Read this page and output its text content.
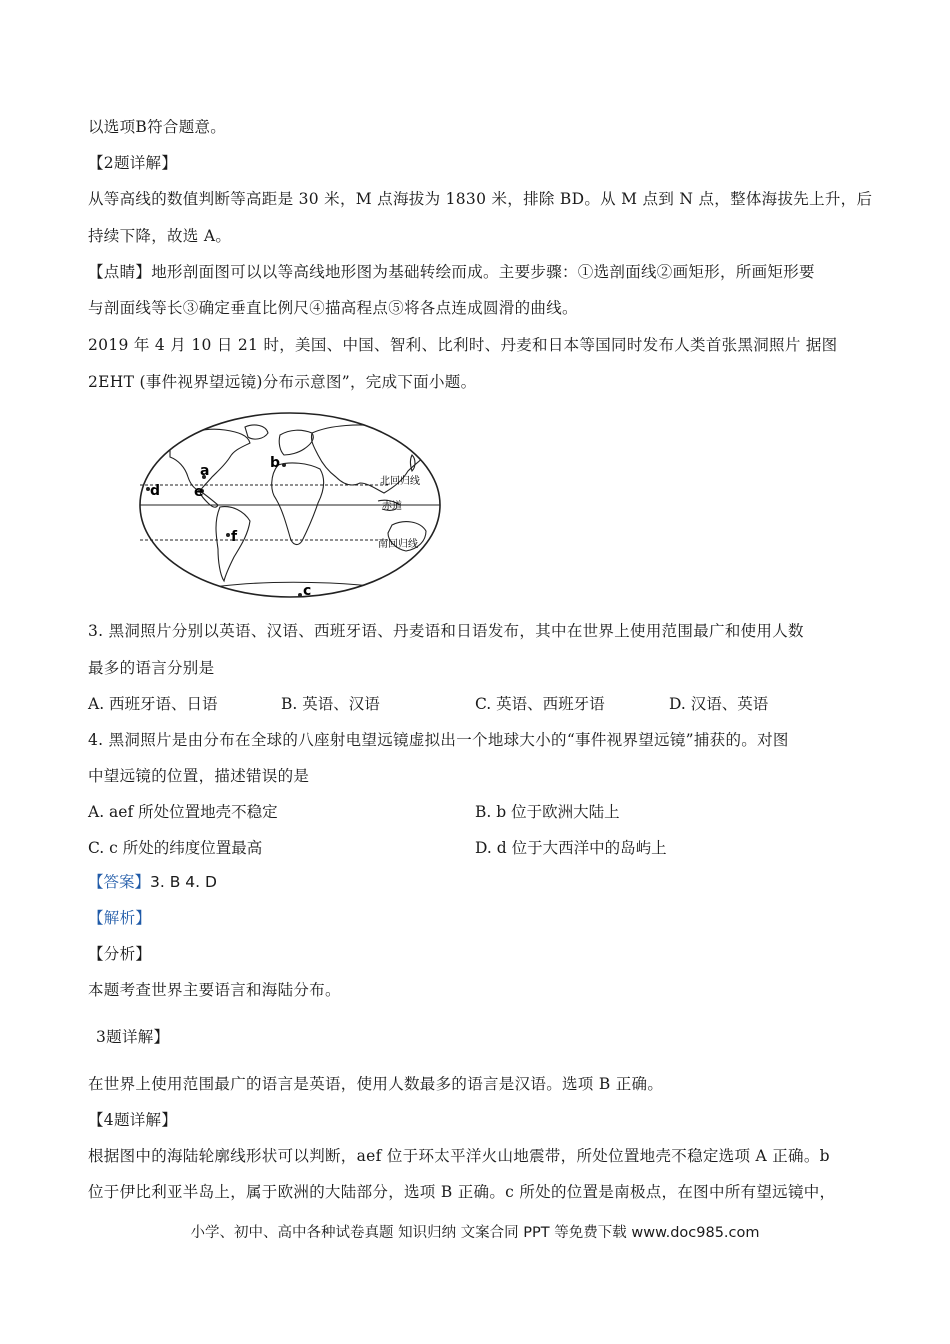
以选项B符合题意。
【2题详解】
从等高线的数值判断等高距是 30 米，M 点海拔为 1830 米，排除 BD。从 M 点到 N 点，整体海拔先上升，后
持续下降，故选 A。
【点睛】地形剖面图可以以等高线地形图为基础转绘而成。主要步骤：①选剖面线②画矩形，所画矩形要
与剖面线等长③确定垂直比例尺④描高程点⑤将各点连成圆滑的曲线。
2019 年 4 月 10 日 21 时，美国、中国、智利、比利时、丹麦和日本等国同时发布人类首张黑洞照片 据图
2EHT (事件视界望远镜)分布示意图”，完成下面小题。
北回归线
赤道
南回归线
a	b
c
d e
f
3. 黑洞照片分别以英语、汉语、西班牙语、丹麦语和日语发布，其中在世界上使用范围最广和使用人数
最多的语言分别是
A. 西班牙语、日语	B. 英语、汉语	C. 英语、西班牙语	D. 汉语、英语
4. 黑洞照片是由分布在全球的八座射电望远镜虚拟出一个地球大小的“事件视界望远镜”捕获的。对图
中望远镜的位置，描述错误的是
A. aef 所处位置地壳不稳定	B. b 位于欧洲大陆上
C. c 所处的纬度位置最高	D. d 位于大西洋中的岛屿上
【答案】3. B 4. D
【解析】
【分析】
本题考查世界主要语言和海陆分布。
3题详解】
在世界上使用范围最广的语言是英语，使用人数最多的语言是汉语。选项 B 正确。
【4题详解】
根据图中的海陆轮廓线形状可以判断，aef 位于环太平洋火山地震带，所处位置地壳不稳定选项 A 正确。b
位于伊比利亚半岛上，属于欧洲的大陆部分，选项 B 正确。c 所处的位置是南极点，在图中所有望远镜中，
小学、初中、高中各种试卷真题 知识归纳 文案合同 PPT 等免费下载 www.doc985.com
